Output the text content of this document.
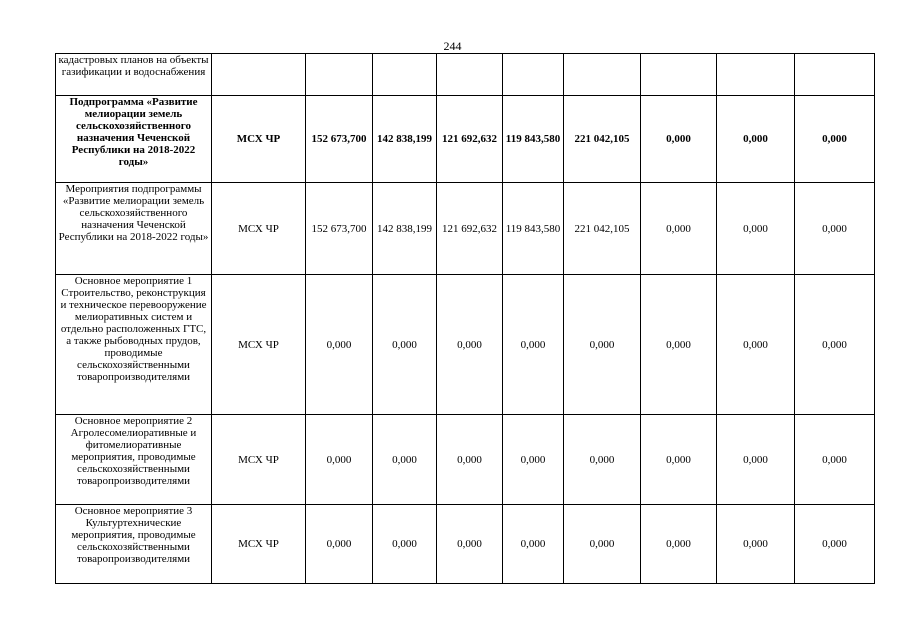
244
кадастровых планов на объекты газификации и водоснабжения									
Подпрограмма «Развитие мелиорации земель сельскохозяйственного назначения Чеченской Республики на 2018-2022 годы»	МСХ ЧР	152 673,700	142 838,199	121 692,632	119 843,580	221 042,105	0,000	0,000	0,000
Мероприятия подпрограммы «Развитие мелиорации земель сельскохозяйственного назначения Чеченской Республики на 2018-2022 годы»	МСХ ЧР	152 673,700	142 838,199	121 692,632	119 843,580	221 042,105	0,000	0,000	0,000
Основное мероприятие 1 Строительство, реконструкция и техническое перевооружение мелиоративных систем и отдельно расположенных ГТС, а также рыбоводных прудов, проводимые сельскохозяйственными товаропроизводителями	МСХ ЧР	0,000	0,000	0,000	0,000	0,000	0,000	0,000	0,000
Основное мероприятие 2 Агролесомелиоративные и фитомелиоративные мероприятия, проводимые сельскохозяйственными товаропроизводителями	МСХ ЧР	0,000	0,000	0,000	0,000	0,000	0,000	0,000	0,000
Основное мероприятие 3 Культуртехнические мероприятия, проводимые сельскохозяйственными товаропроизводителями	МСХ ЧР	0,000	0,000	0,000	0,000	0,000	0,000	0,000	0,000
